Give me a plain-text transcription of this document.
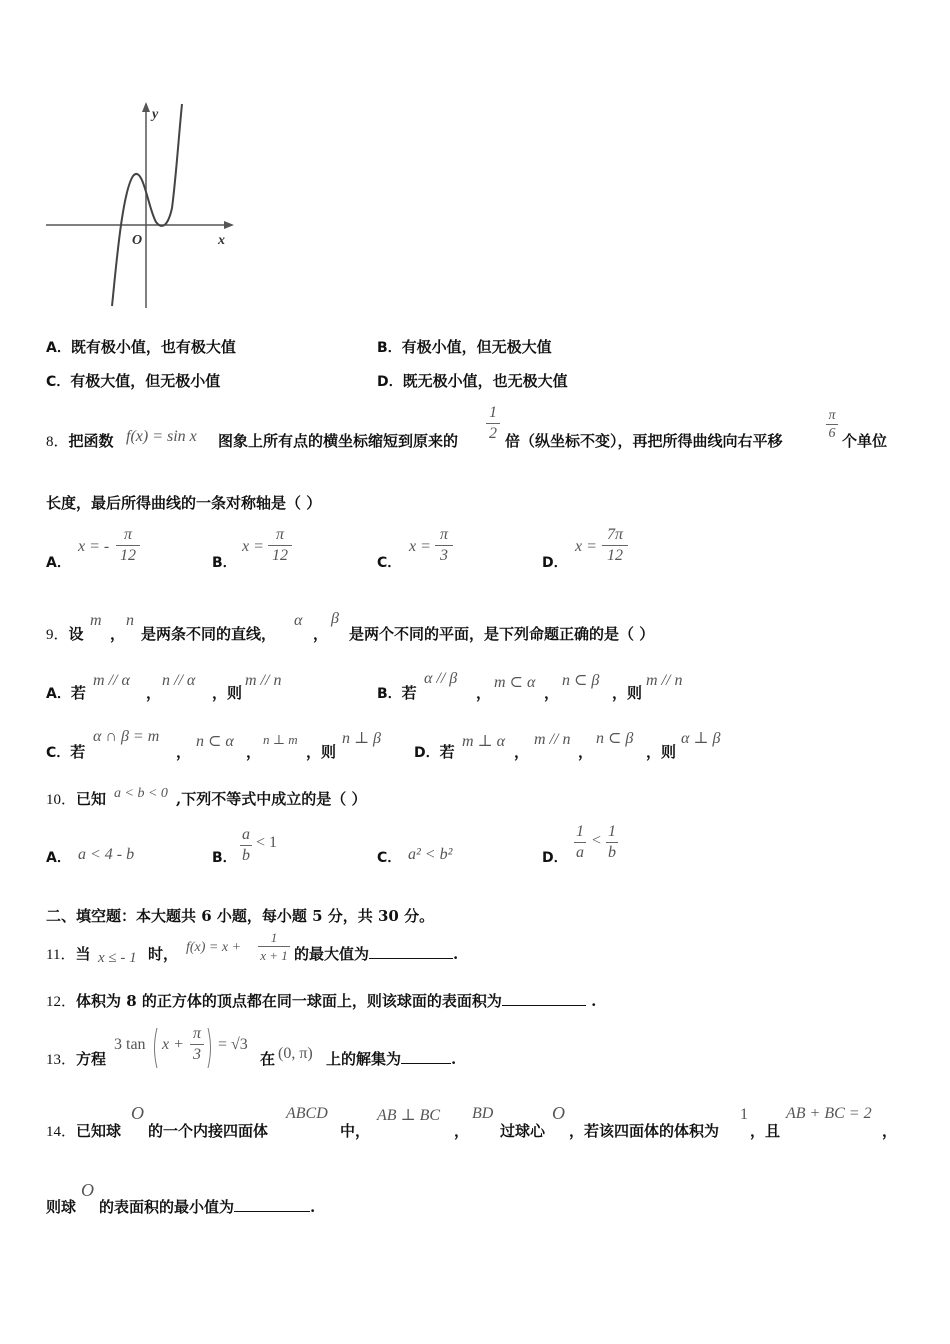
y
x
O
A．既有极小值，也有极大值	B．有极小值，但无极大值
C．有极大值，但无极小值	D．既无极小值，也无极大值
8．把函数 f(x) = sin x 图象上所有点的横坐标缩短到原来的
1
2 倍（纵坐标不变），再把所得曲线向右平移
π
6 个单位
长度，最后所得曲线的一条对称轴是（ ）
A．
x = -
π
12	B．
x =
π
12	C．
x =
π
3	D．
x =
7π
12
9．设
m
，
n
是两条不同的直线，
α
，
β
是两个不同的平面，是下列命题正确的是（ ）
A．若
m // α
，
n // α
，则
m // n
B．若
α // β
，
m ⊂ α
，
n ⊂ β
，则
m // n
C．若
α ∩ β = m
，
n ⊂ α
，
n ⊥ m
，则
n ⊥ β
D．若
m ⊥ α
，
m // n
，
n ⊂ β
，则
α ⊥ β
10．已知 a < b < 0 ,下列不等式中成立的是（ ）
A． a < 4 - b	B．
a
b
< 1
C． a² < b²	D．
1
a
<
1
b
二、填空题：本大题共 6 小题，每小题 5 分，共 30 分。
11．当 x ≤ - 1 时， f(x) = x +
1
x + 1 的最大值为	.
12．体积为 8 的正方体的顶点都在同一球面上，则该球面的表面积为	.
13．方程
3 tan x +
π
3
= √3
在 (0, π) 上的解集为	.
14．已知球
O
的一个内接四面体
ABCD
中，
AB ⊥ BC
，
BD
过球心
O
，若该四面体的体积为
1
，且
AB + BC = 2
，
则球
O
的表面积的最小值为	.
